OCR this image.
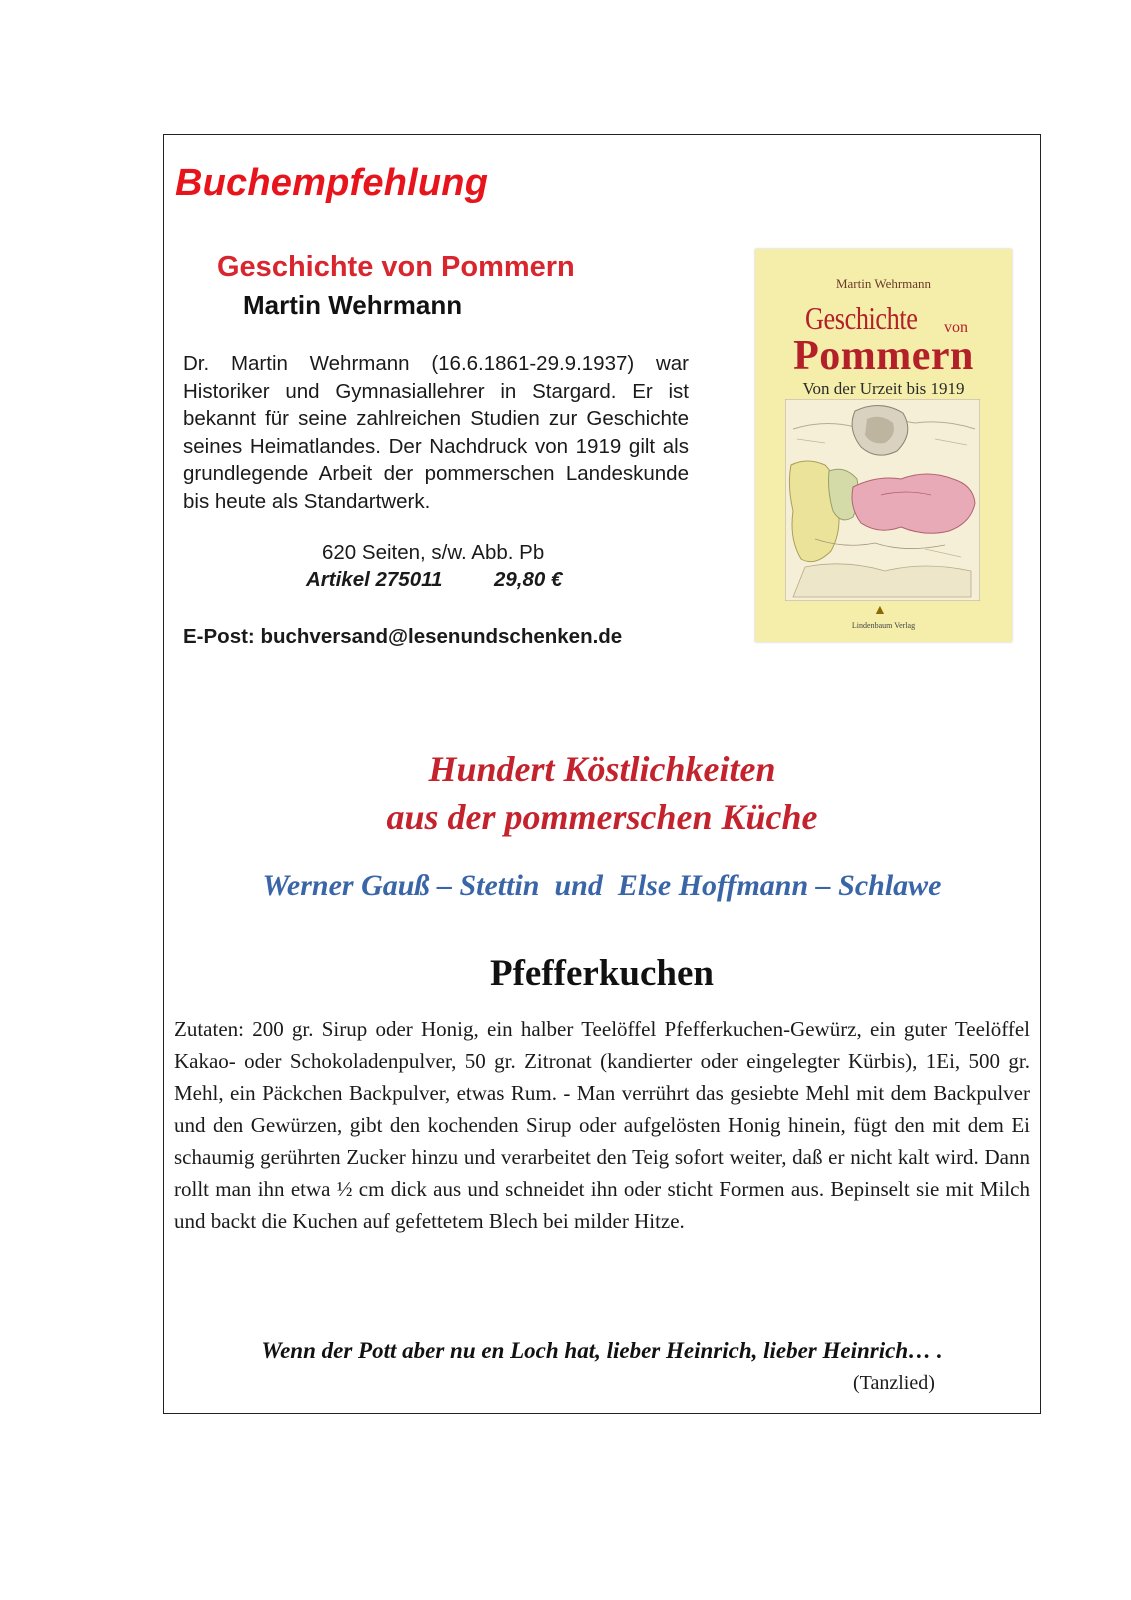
Buchempfehlung
Geschichte von Pommern
Martin Wehrmann

Dr. Martin Wehrmann (16.6.1861-29.9.1937) war Historiker und Gymnasiallehrer in Stargard. Er ist bekannt für seine zahlreichen Studien zur Geschichte seines Heimatlandes. Der Nachdruck von 1919 gilt als grundlegende Arbeit der pommerschen Landeskunde bis heute als Standartwerk.

620 Seiten, s/w. Abb. Pb
Artikel 275011	29,80 €
E-Post: buchversand@lesenundschenken.de
Martin Wehrmann
Geschichte von
Pommern
Von der Urzeit bis 1919
▲
Lindenbaum Verlag
Hundert Köstlichkeiten
aus der pommerschen Küche
Werner Gauß – Stettin  und  Else Hoffmann – Schlawe
Pfefferkuchen

Zutaten: 200 gr. Sirup oder Honig, ein halber Teelöffel Pfefferkuchen-Gewürz, ein guter Teelöffel Kakao- oder Schokoladenpulver, 50 gr. Zitronat (kandierter oder eingelegter Kürbis), 1Ei, 500 gr. Mehl, ein Päckchen Backpulver, etwas Rum. - Man verrührt das gesiebte Mehl mit dem Backpulver und den Gewürzen, gibt den kochenden Sirup oder aufgelösten Honig hinein, fügt den mit dem Ei schaumig gerührten Zucker hinzu und verarbeitet den Teig sofort weiter, daß er nicht kalt wird. Dann rollt man ihn etwa ½ cm dick aus und schneidet ihn oder sticht Formen aus. Bepinselt sie mit Milch und backt die Kuchen auf gefettetem Blech bei milder Hitze.

Wenn der Pott aber nu en Loch hat, lieber Heinrich, lieber Heinrich… .
(Tanzlied)
